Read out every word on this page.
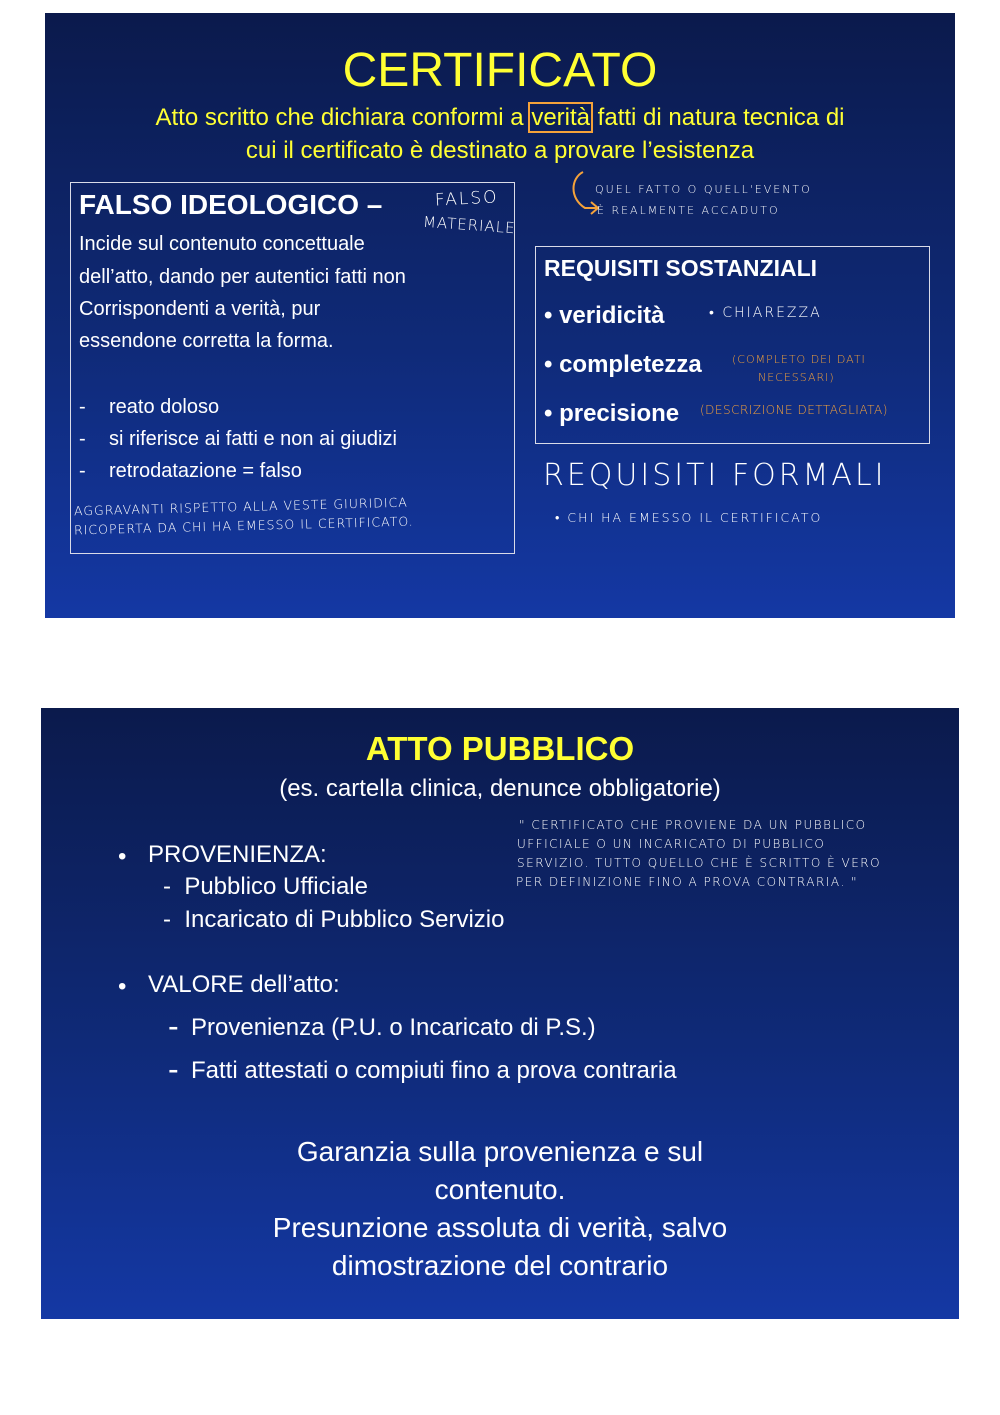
CERTIFICATO
Atto scritto che dichiara conformi a verità fatti di natura tecnica di
cui il certificato è destinato a provare l’esistenza
QUEL FATTO O QUELL'EVENTO
È REALMENTE ACCADUTO
FALSO IDEOLOGICO –
Incide sul contenuto concettuale
dell’atto, dando per autentici fatti non
Corrispondenti a verità, pur
essendone corretta la forma.
- reato doloso
- si riferisce ai fatti e non ai giudizi
- retrodatazione = falso
AGGRAVANTI RISPETTO ALLA VESTE GIURIDICA
RICOPERTA DA CHI HA EMESSO IL CERTIFICATO.
FALSO
MATERIALE
REQUISITI SOSTANZIALI
• veridicità
• completezza
• precisione
• CHIAREZZA
(COMPLETO DEI DATI
NECESSARI)
(DESCRIZIONE DETTAGLIATA)
REQUISITI FORMALI
• CHI HA EMESSO IL CERTIFICATO
ATTO PUBBLICO
(es. cartella clinica, denunce obbligatorie)
• PROVENIENZA:
-  Pubblico Ufficiale
-  Incaricato di Pubblico Servizio
• VALORE dell’atto:
- Provenienza (P.U. o Incaricato di P.S.)
- Fatti attestati o compiuti fino a prova contraria
" CERTIFICATO CHE PROVIENE DA UN PUBBLICO
UFFICIALE O UN INCARICATO DI PUBBLICO
SERVIZIO. TUTTO QUELLO CHE È SCRITTO È VERO
PER DEFINIZIONE FINO A PROVA CONTRARIA. "
Garanzia sulla provenienza e sul
contenuto.
Presunzione assoluta di verità, salvo
dimostrazione del contrario
